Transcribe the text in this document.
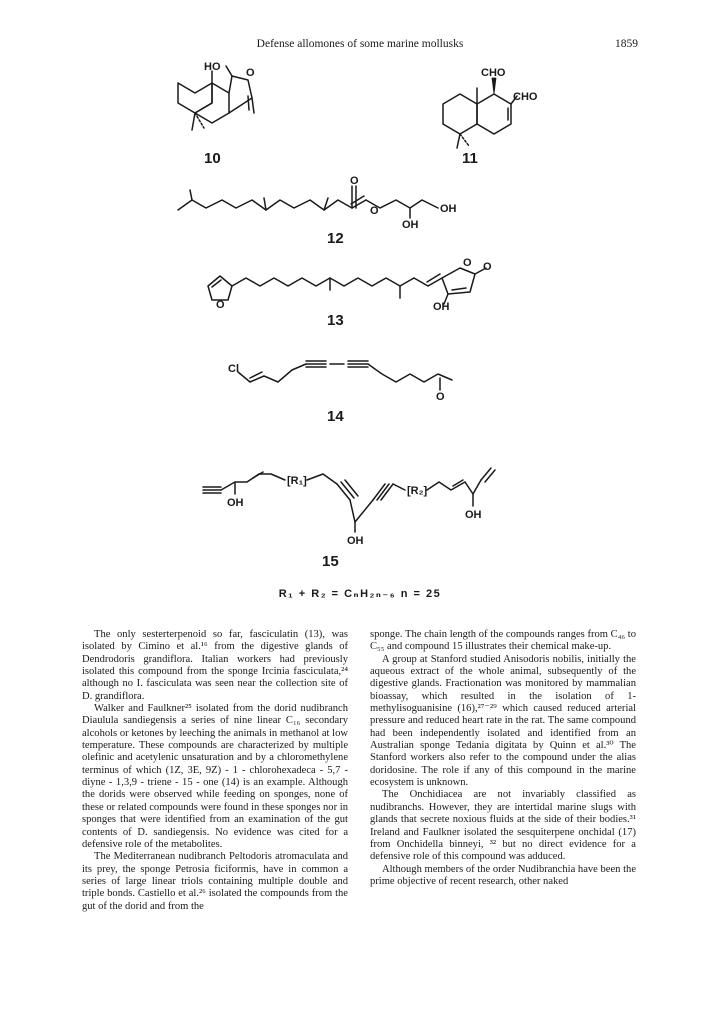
Defense allomones of some marine mollusks	1859
HO O
10
CHO
CHO
11
O
O
OH
OH
12
O
O O
OH
13
Cl
O
14
[R₁]
[R₂]
OH
OH
OH
15
R₁ + R₂ = CₙH₂ₙ₋₆ n = 25

The only sesterterpenoid so far, fasciculatin (13), was isolated by Cimino et al.¹⁶ from the digestive glands of Dendrodoris grandiflora. Italian workers had previously isolated this compound from the sponge Ircinia fasciculata,²⁴ although no I. fasciculata was seen near the collection site of D. grandiflora.

Walker and Faulkner²⁵ isolated from the dorid nudibranch Diaulula sandiegensis a series of nine linear C₁₆ secondary alcohols or ketones by leeching the animals in methanol at low temperature. These compounds are characterized by multiple olefinic and acetylenic unsaturation and by a chloromethylene terminus of which (1Z, 3E, 9Z) - 1 - chlorohexadeca - 5,7 - diyne - 1,3,9 - triene - 15 - one (14) is an example. Although the dorids were observed while feeding on sponges, none of these or related compounds were found in these sponges nor in sponges that were identified from an examination of the gut contents of D. sandiegensis. No evidence was cited for a defensive role of the metabolites.

The Mediterranean nudibranch Peltodoris atromaculata and its prey, the sponge Petrosia ficiformis, have in common a series of large linear triols containing multiple double and triple bonds. Castiello et al.²⁶ isolated the compounds from the gut of the dorid and from the

sponge. The chain length of the compounds ranges from C₄₆ to C₅₅ and compound 15 illustrates their chemical make-up.

A group at Stanford studied Anisodoris nobilis, initially the aqueous extract of the whole animal, subsequently of the digestive glands. Fractionation was monitored by mammalian bioassay, which resulted in the isolation of 1-methylisoguanisine (16),²⁷⁻²⁹ which caused reduced arterial pressure and reduced heart rate in the rat. The same compound had been independently isolated and identified from an Australian sponge Tedania digitata by Quinn et al.³⁰ The Stanford workers also refer to the compound under the alias doridosine. The role if any of this compound in the marine ecosystem is unknown.

The Onchidiacea are not invariably classified as nudibranchs. However, they are intertidal marine slugs with glands that secrete noxious fluids at the side of their bodies.³¹ Ireland and Faulkner isolated the sesquiterpene onchidal (17) from Onchidella binneyi, ³² but no direct evidence for a defensive role of this compound was adduced.

Although members of the order Nudibranchia have been the prime objective of recent research, other naked
